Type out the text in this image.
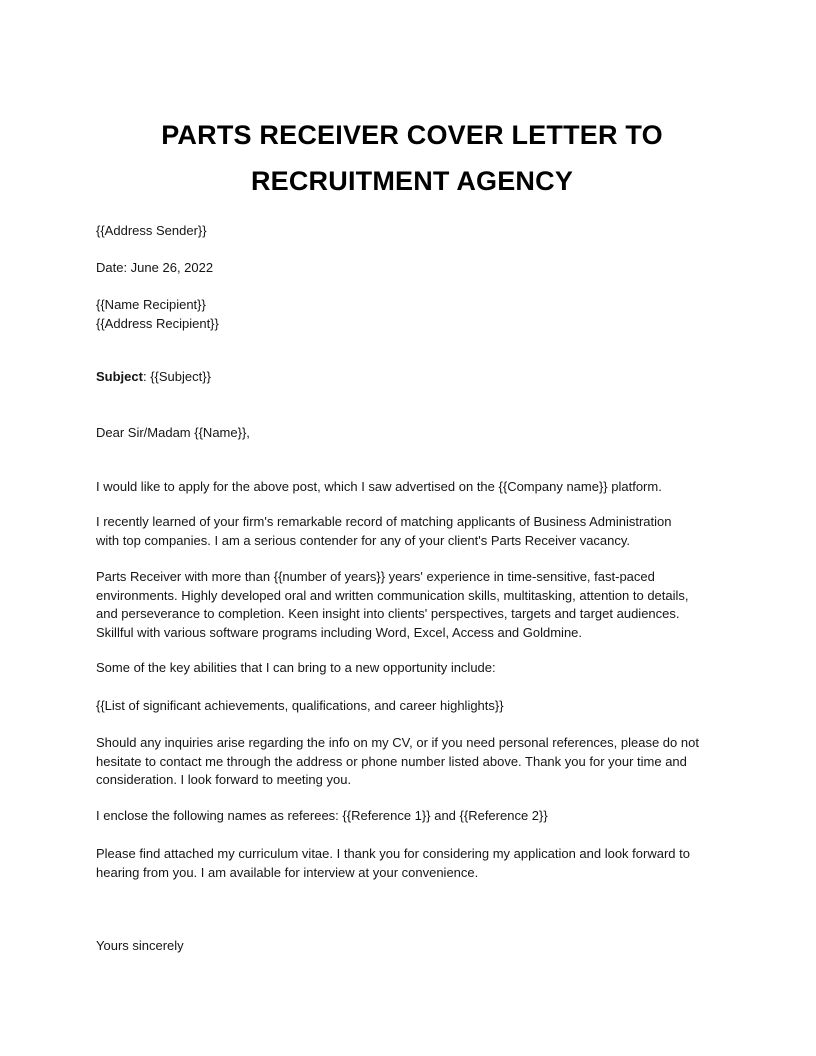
PARTS RECEIVER COVER LETTER TO
RECRUITMENT AGENCY
{{Address Sender}}
Date: June 26, 2022
{{Name Recipient}}
{{Address Recipient}}
Subject: {{Subject}}
Dear Sir/Madam {{Name}},
I would like to apply for the above post, which I saw advertised on the {{Company name}} platform.
I recently learned of your firm's remarkable record of matching applicants of Business Administration
with top companies. I am a serious contender for any of your client's Parts Receiver vacancy.
Parts Receiver with more than {{number of years}} years' experience in time-sensitive, fast-paced
environments. Highly developed oral and written communication skills, multitasking, attention to details,
and perseverance to completion. Keen insight into clients' perspectives, targets and target audiences.
Skillful with various software programs including Word, Excel, Access and Goldmine.
Some of the key abilities that I can bring to a new opportunity include:
{{List of significant achievements, qualifications, and career highlights}}
Should any inquiries arise regarding the info on my CV, or if you need personal references, please do not
hesitate to contact me through the address or phone number listed above. Thank you for your time and
consideration. I look forward to meeting you.
I enclose the following names as referees: {{Reference 1}} and {{Reference 2}}
Please find attached my curriculum vitae. I thank you for considering my application and look forward to
hearing from you. I am available for interview at your convenience.
Yours sincerely
